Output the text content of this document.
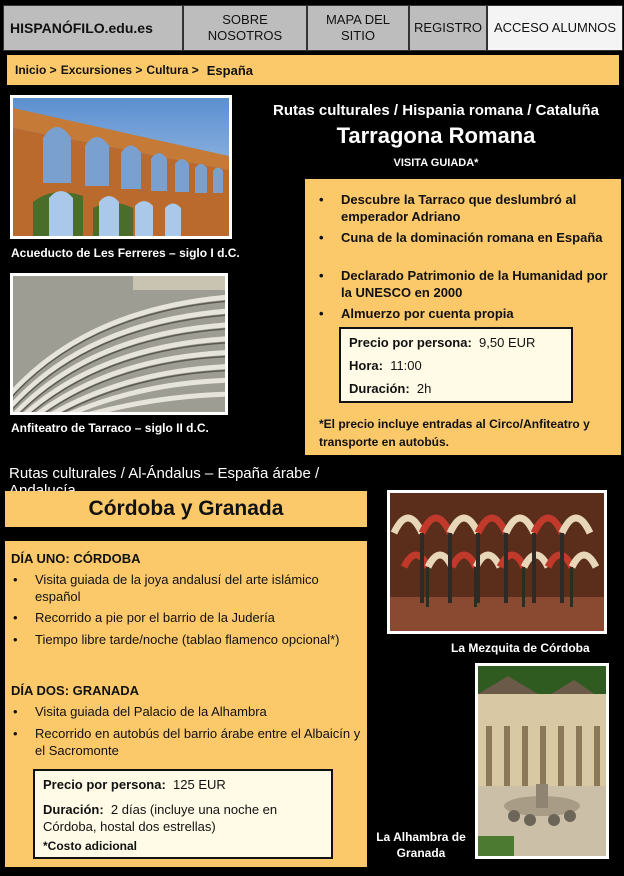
HISPANÓFILO.edu.es
SOBRE NOSOTROS
MAPA DEL SITIO
REGISTRO ACCESO ALUMNOS
Inicio > Excursiones > Cultura > España
Acueducto de Les Ferreres – siglo I d.C.
Anfiteatro de Tarraco – siglo II d.C.
Rutas culturales / Hispania romana / Cataluña
Tarragona Romana
VISITA GUIADA*
• Descubre la Tarraco que deslumbró al emperador Adriano
• Cuna de la dominación romana en España
• Declarado Patrimonio de la Humanidad por la UNESCO en 2000
• Almuerzo por cuenta propia
Precio por persona: 9,50 EUR
Hora: 11:00
Duración: 2h
*El precio incluye entradas al Circo/Anfiteatro y transporte en autobús.
Rutas culturales / Al-Ándalus – España árabe /
Córdoba y Granada
DÍA UNO: CÓRDOBA
• Visita guiada de la joya andalusí del arte islámico español
• Recorrido a pie por el barrio de la Judería
• Tiempo libre tarde/noche (tablao flamenco opcional*)
DÍA DOS: GRANADA
• Visita guiada del Palacio de la Alhambra
• Recorrido en autobús del barrio árabe entre el Albaicín y el Sacromonte
Precio por persona: 125 EUR
Duración: 2 días (incluye una noche en Córdoba, hostal dos estrellas)
*Costo adicional
La Mezquita de Córdoba
La Alhambra de Granada
